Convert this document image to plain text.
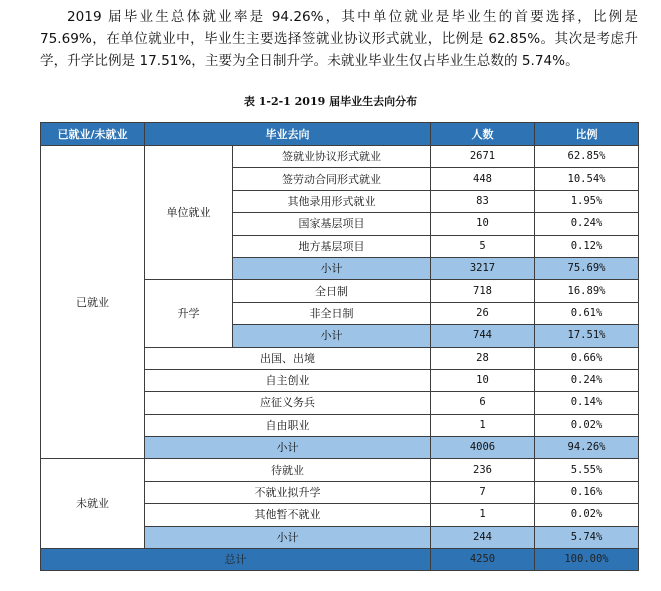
2019 届毕业生总体就业率是 94.26%，其中单位就业是毕业生的首要选择，比例是 75.69%，在单位就业中，毕业生主要选择签就业协议形式就业，比例是 62.85%。其次是考虑升学，升学比例是 17.51%，主要为全日制升学。未就业毕业生仅占毕业生总数的 5.74%。

表 1-2-1 2019 届毕业生去向分布
已就业/未就业	毕业去向		人数	比例
已就业	单位就业	签就业协议形式就业	2671	62.85%
		签劳动合同形式就业	448	10.54%
		其他录用形式就业	83	1.95%
		国家基层项目	10	0.24%
		地方基层项目	5	0.12%
		小计	3217	75.69%
	升学	全日制	718	16.89%
		非全日制	26	0.61%
		小计	744	17.51%
	出国、出境		28	0.66%
	自主创业		10	0.24%
	应征义务兵		6	0.14%
	自由职业		1	0.02%
	小计		4006	94.26%
未就业	待就业		236	5.55%
	不就业拟升学		7	0.16%
	其他暂不就业		1	0.02%
	小计		244	5.74%
总计			4250	100.00%
